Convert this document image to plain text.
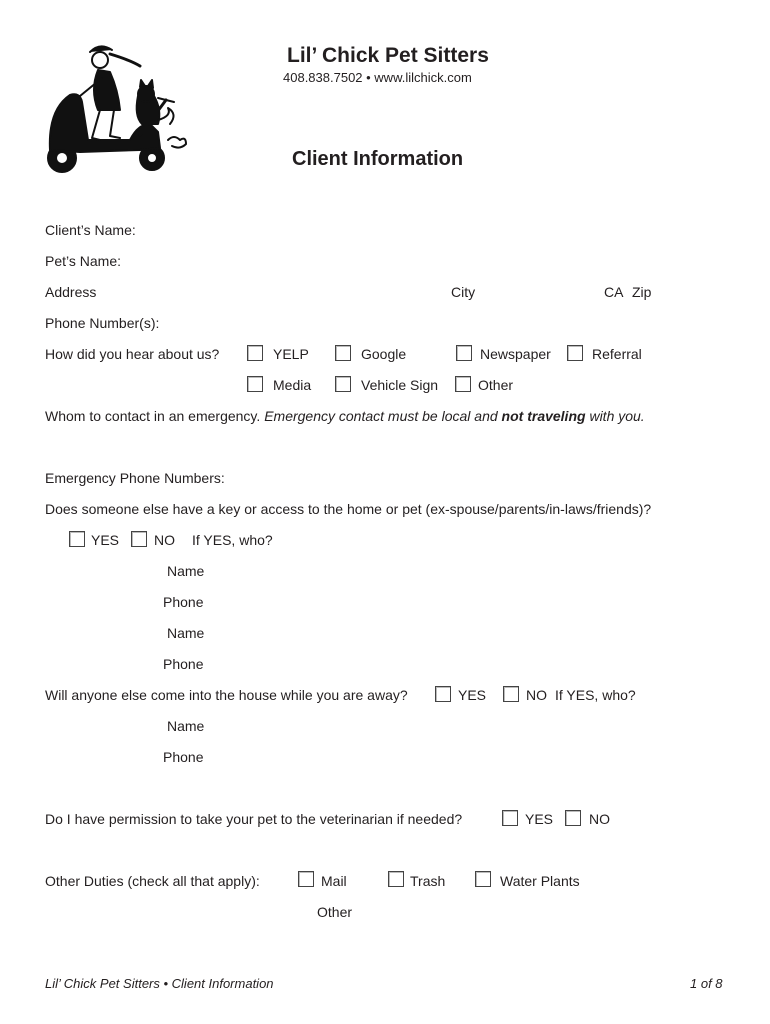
Lil’ Chick Pet Sitters
408.838.7502 • www.lilchick.com
Client Information
Client’s Name:
Pet’s Name:
Address	City	CA Zip
Phone Number(s):
How did you hear about us?	YELP	Google	Newspaper	Referral
Media	Vehicle Sign	Other
Whom to contact in an emergency. Emergency contact must be local and not traveling with you.
Emergency Phone Numbers:
Does someone else have a key or access to the home or pet (ex-spouse/parents/in-laws/friends)?
YES NO If YES, who?
Name
Phone
Name
Phone
Will anyone else come into the house while you are away?	YES	NO If YES, who?
Name
Phone
Do I have permission to take your pet to the veterinarian if needed?	YES	NO
Other Duties (check all that apply):	Mail	Trash	Water Plants
Other
Lil’ Chick Pet Sitters • Client Information	1 of 8
